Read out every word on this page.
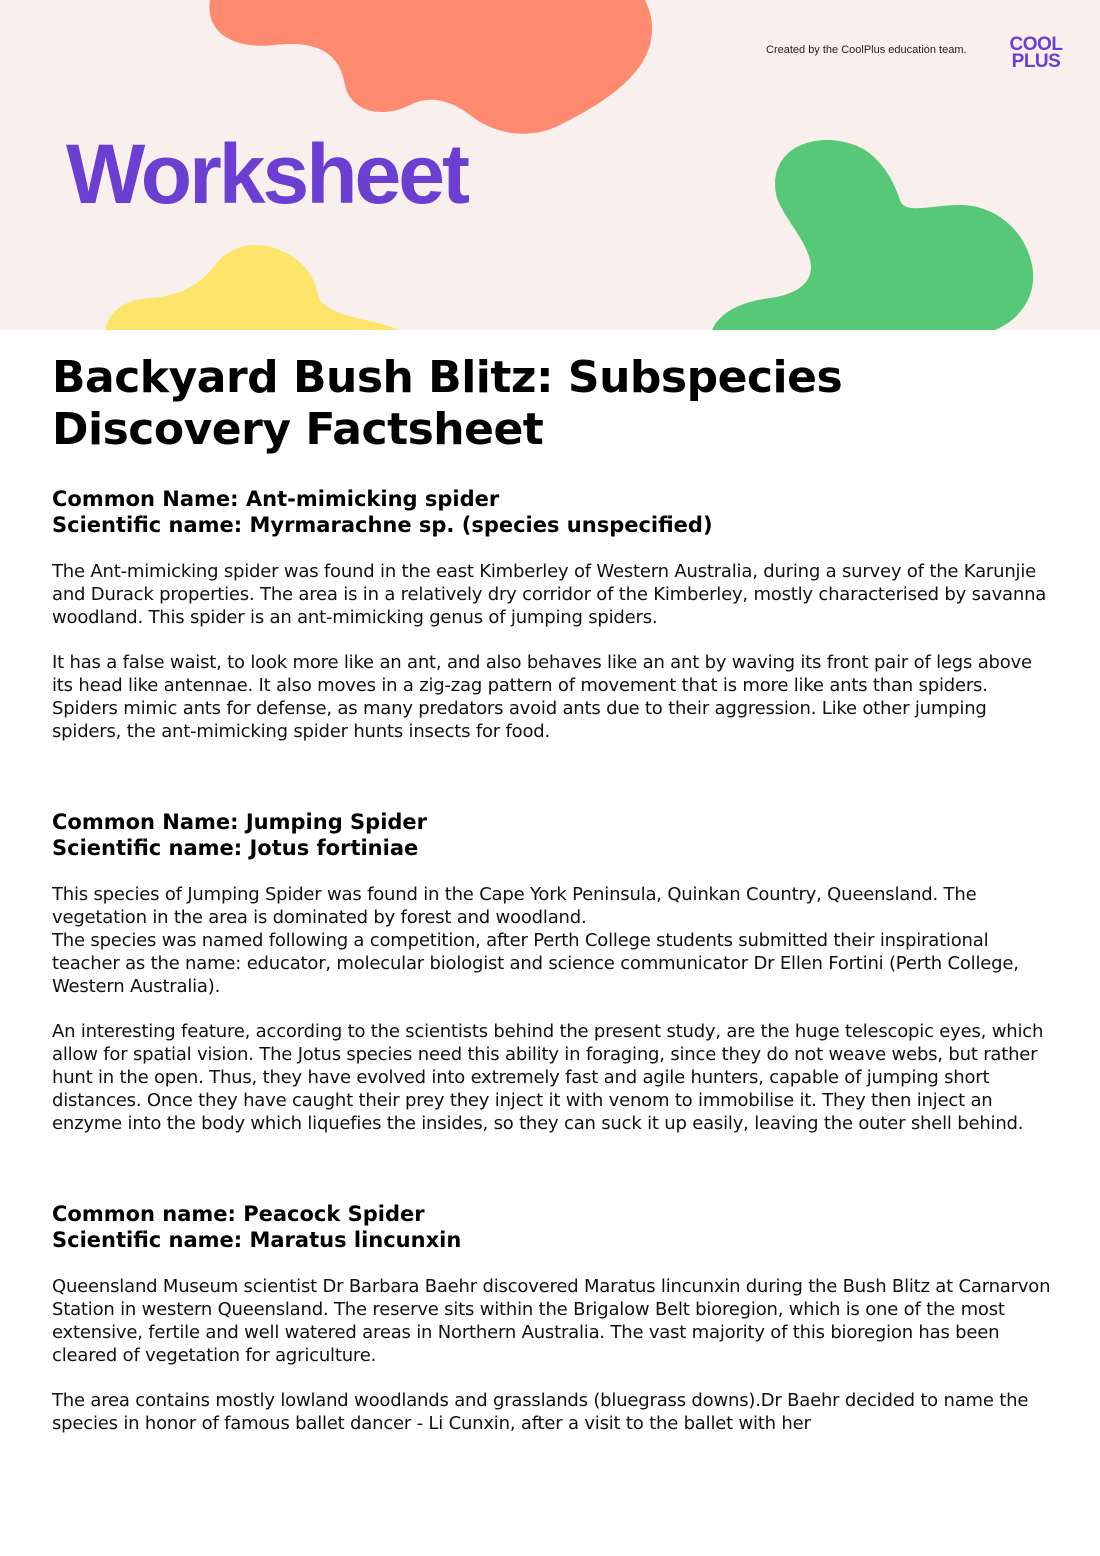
Created by the CoolPlus education team. COOL
PLUS
Worksheet
Backyard Bush Blitz: Subspecies Discovery Factsheet
Common Name: Ant-mimicking spider
Scientific name: Myrmarachne sp. (species unspecified)

The Ant-mimicking spider was found in the east Kimberley of Western Australia, during a survey of the Karunjie and Durack properties. The area is in a relatively dry corridor of the Kimberley, mostly characterised by savanna woodland. This spider is an ant-mimicking genus of jumping spiders.

It has a false waist, to look more like an ant, and also behaves like an ant by waving its front pair of legs above its head like antennae. It also moves in a zig-zag pattern of movement that is more like ants than spiders. Spiders mimic ants for defense, as many predators avoid ants due to their aggression. Like other jumping spiders, the ant-mimicking spider hunts insects for food.

Common Name: Jumping Spider
Scientific name: Jotus fortiniae

This species of Jumping Spider was found in the Cape York Peninsula, Quinkan Country, Queensland. The vegetation in the area is dominated by forest and woodland.
The species was named following a competition, after Perth College students submitted their inspirational teacher as the name: educator, molecular biologist and science communicator Dr Ellen Fortini (Perth College, Western Australia).

An interesting feature, according to the scientists behind the present study, are the huge telescopic eyes, which allow for spatial vision. The Jotus species need this ability in foraging, since they do not weave webs, but rather hunt in the open. Thus, they have evolved into extremely fast and agile hunters, capable of jumping short distances. Once they have caught their prey they inject it with venom to immobilise it. They then inject an enzyme into the body which liquefies the insides, so they can suck it up easily, leaving the outer shell behind.

Common name: Peacock Spider
Scientific name: Maratus lincunxin

Queensland Museum scientist Dr Barbara Baehr discovered Maratus lincunxin during the Bush Blitz at Carnarvon Station in western Queensland. The reserve sits within the Brigalow Belt bioregion, which is one of the most extensive, fertile and well watered areas in Northern Australia. The vast majority of this bioregion has been cleared of vegetation for agriculture.

The area contains mostly lowland woodlands and grasslands (bluegrass downs).Dr Baehr decided to name the species in honor of famous ballet dancer - Li Cunxin, after a visit to the ballet with her
